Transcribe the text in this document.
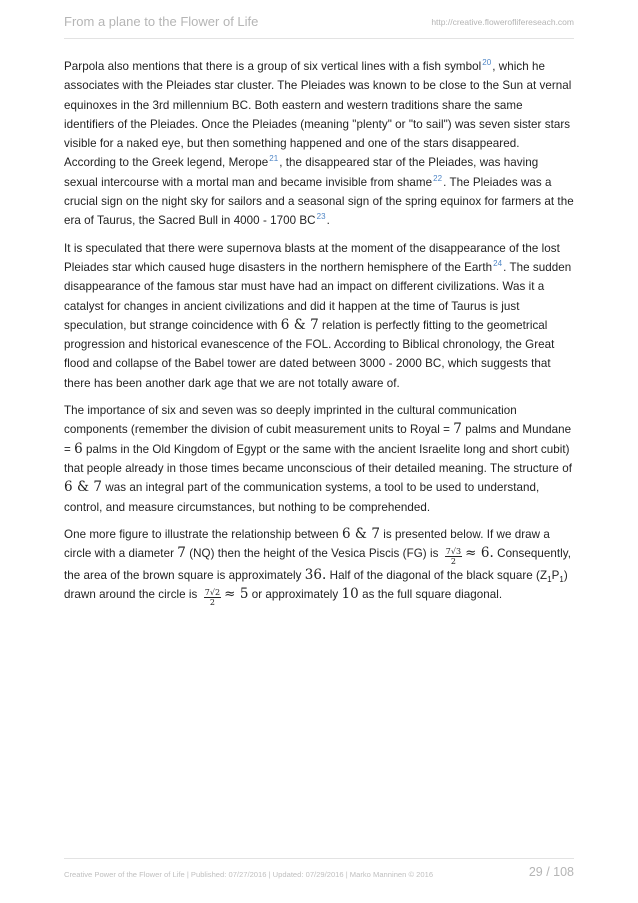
From a plane to the Flower of Life	http://creative.floweroflifereseach.com

Parpola also mentions that there is a group of six vertical lines with a fish symbol$^{20}$, which he associates with the Pleiades star cluster. The Pleiades was known to be close to the Sun at vernal equinoxes in the 3rd millennium BC. Both eastern and western traditions share the same identifiers of the Pleiades. Once the Pleiades (meaning "plenty" or "to sail") was seven sister stars visible for a naked eye, but then something happened and one of the stars disappeared. According to the Greek legend, Merope$^{21}$, the disappeared star of the Pleiades, was having sexual intercourse with a mortal man and became invisible from shame$^{22}$. The Pleiades was a crucial sign on the night sky for sailors and a seasonal sign of the spring equinox for farmers at the era of Taurus, the Sacred Bull in 4000 - 1700 BC$^{23}$.

It is speculated that there were supernova blasts at the moment of the disappearance of the lost Pleiades star which caused huge disasters in the northern hemisphere of the Earth$^{24}$. The sudden disappearance of the famous star must have had an impact on different civilizations. Was it a catalyst for changes in ancient civilizations and did it happen at the time of Taurus is just speculation, but strange coincidence with 6 & 7 relation is perfectly fitting to the geometrical progression and historical evanescence of the FOL. According to Biblical chronology, the Great flood and collapse of the Babel tower are dated between 3000 - 2000 BC, which suggests that there has been another dark age that we are not totally aware of.

The importance of six and seven was so deeply imprinted in the cultural communication components (remember the division of cubit measurement units to Royal = 7 palms and Mundane = 6 palms in the Old Kingdom of Egypt or the same with the ancient Israelite long and short cubit) that people already in those times became unconscious of their detailed meaning. The structure of 6 & 7 was an integral part of the communication systems, a tool to be used to understand, control, and measure circumstances, but nothing to be comprehended.

One more figure to illustrate the relationship between 6 & 7 is presented below. If we draw a circle with a diameter 7 (NQ) then the height of the Vesica Piscis (FG) is $\frac{7√3}{2} \approx 6$. Consequently, the area of the brown square is approximately 36. Half of the diagonal of the black square $(Z_1P_1)$ drawn around the circle is $\frac{7√2}{2} \approx 5$ or approximately 10 as the full square diagonal.

Creative Power of the Flower of Life | Published: 07/27/2016 | Updated: 07/29/2016 | Marko Manninen © 2016	29 / 108
